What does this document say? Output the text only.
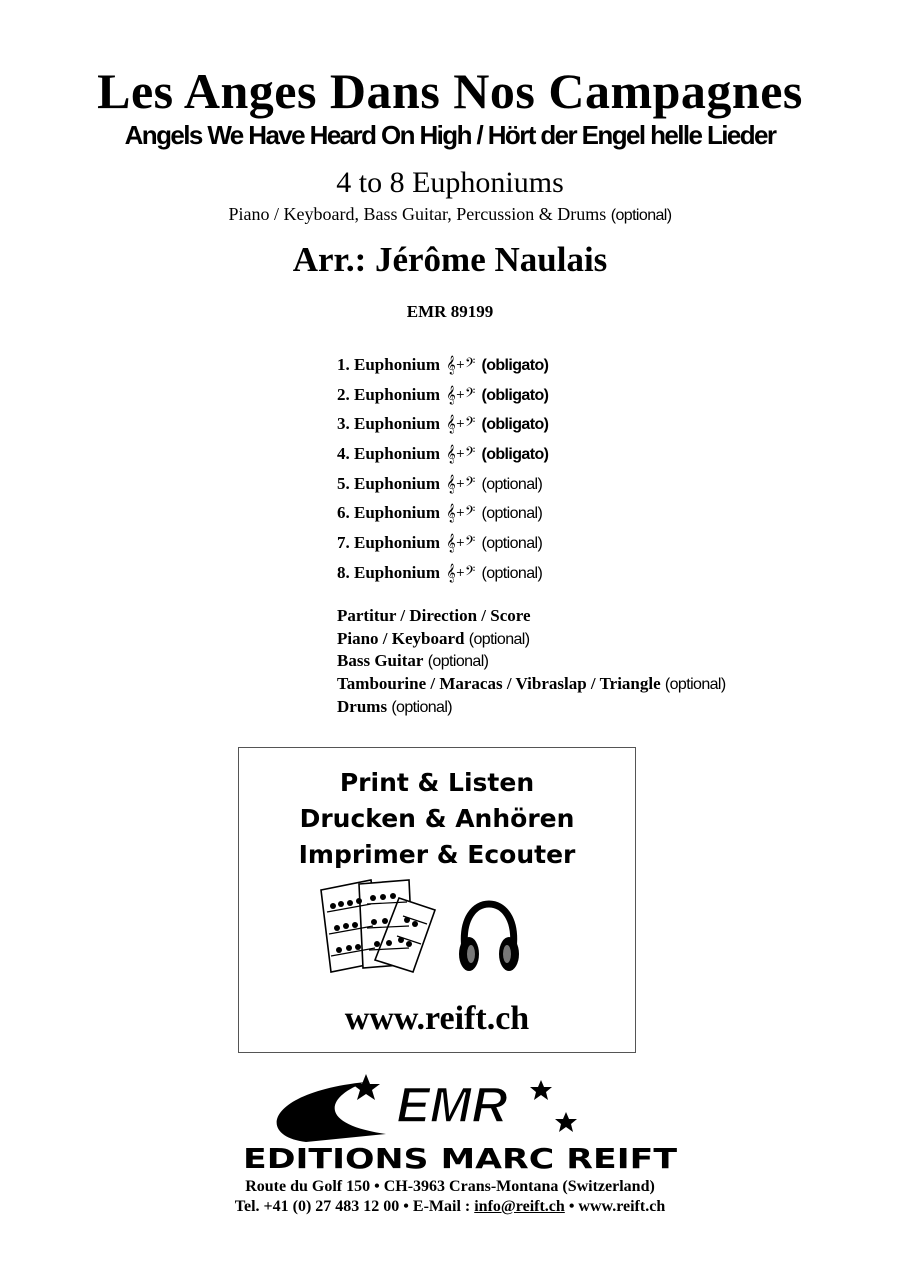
Les Anges Dans Nos Campagnes
Angels We Have Heard On High / Hört der Engel helle Lieder
4 to 8 Euphoniums
Piano / Keyboard, Bass Guitar, Percussion & Drums (optional)
Arr.: Jérôme Naulais
EMR 89199
1. Euphonium 𝄞+𝄢 (obligato)
2. Euphonium 𝄞+𝄢 (obligato)
3. Euphonium 𝄞+𝄢 (obligato)
4. Euphonium 𝄞+𝄢 (obligato)
5. Euphonium 𝄞+𝄢 (optional)
6. Euphonium 𝄞+𝄢 (optional)
7. Euphonium 𝄞+𝄢 (optional)
8. Euphonium 𝄞+𝄢 (optional)
Partitur / Direction / Score
Piano / Keyboard (optional)
Bass Guitar (optional)
Tambourine / Maracas / Vibraslap / Triangle (optional)
Drums (optional)
Print & Listen
Drucken & Anhören
Imprimer & Ecouter
www.reift.ch
EMR
EDITIONS MARC REIFT
Route du Golf 150 • CH-3963 Crans-Montana (Switzerland)
Tel. +41 (0) 27 483 12 00 • E-Mail : info@reift.ch • www.reift.ch
